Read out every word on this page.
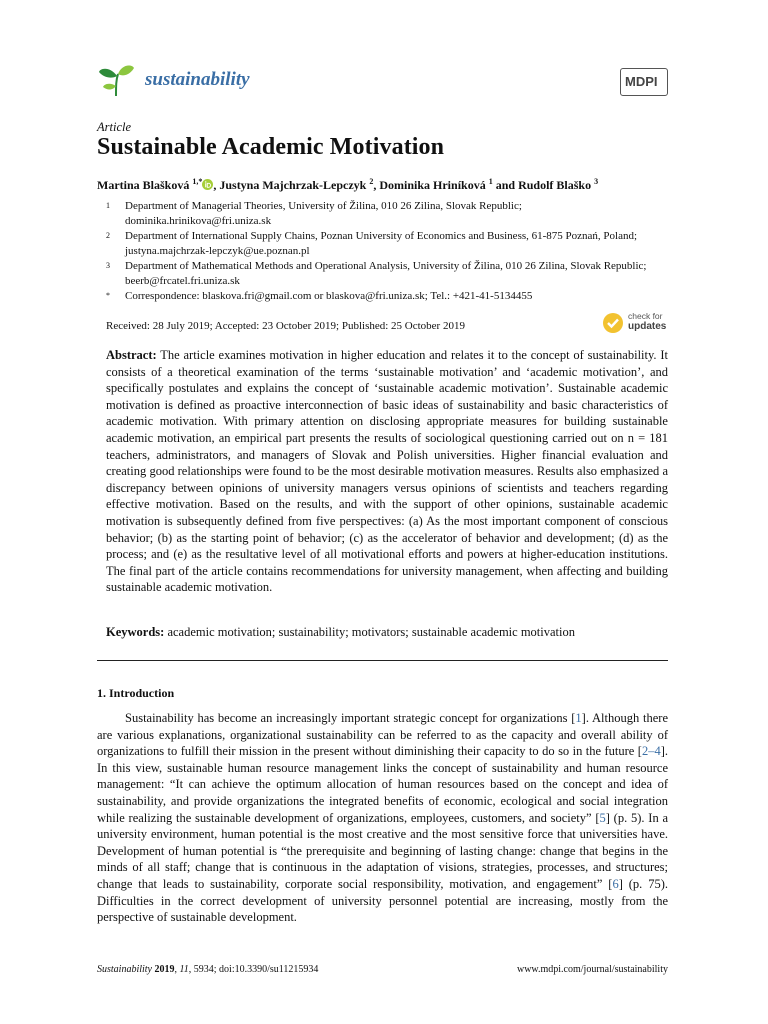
sustainability	MDPI
Article
Sustainable Academic Motivation
Martina Blašková $^{1,*}$ , Justyna Majchrzak-Lepczyk $^2$, Dominika Hriníková $^1$ and Rudolf Blaško $^3$
1 Department of Managerial Theories, University of Žilina, 010 26 Zilina, Slovak Republic; dominika.hrinikova@fri.uniza.sk
2 Department of International Supply Chains, Poznan University of Economics and Business, 61-875 Poznań, Poland; justyna.majchrzak-lepczyk@ue.poznan.pl
3 Department of Mathematical Methods and Operational Analysis, University of Žilina, 010 26 Zilina, Slovak Republic; beerb@frcatel.fri.uniza.sk
* Correspondence: blaskova.fri@gmail.com or blaskova@fri.uniza.sk; Tel.: +421-41-5134455
Received: 28 July 2019; Accepted: 23 October 2019; Published: 25 October 2019
check for
updates
Abstract: The article examines motivation in higher education and relates it to the concept of sustainability. It consists of a theoretical examination of the terms ‘sustainable motivation’ and ‘academic motivation’, and specifically postulates and explains the concept of ‘sustainable academic motivation’. Sustainable academic motivation is defined as proactive interconnection of basic ideas of sustainability and basic characteristics of academic motivation. With primary attention on disclosing appropriate measures for building sustainable academic motivation, an empirical part presents the results of sociological questioning carried out on n = 181 teachers, administrators, and managers of Slovak and Polish universities. Higher financial evaluation and creating good relationships were found to be the most desirable motivation measures. Results also emphasized a discrepancy between opinions of university managers versus opinions of scientists and teachers regarding effective motivation. Based on the results, and with the support of other opinions, sustainable academic motivation is subsequently defined from five perspectives: (a) As the most important component of conscious behavior; (b) as the starting point of behavior; (c) as the accelerator of behavior and development; (d) as the process; and (e) as the resultative level of all motivational efforts and powers at higher-education institutions. The final part of the article contains recommendations for university management, when affecting and building sustainable academic motivation.
Keywords: academic motivation; sustainability; motivators; sustainable academic motivation
1. Introduction
Sustainability has become an increasingly important strategic concept for organizations [1]. Although there are various explanations, organizational sustainability can be referred to as the capacity and overall ability of organizations to fulfill their mission in the present without diminishing their capacity to do so in the future [2–4]. In this view, sustainable human resource management links the concept of sustainability and human resource management: “It can achieve the optimum allocation of human resources based on the concept and idea of sustainability, and provide organizations the integrated benefits of economic, ecological and social integration while realizing the sustainable development of organizations, employees, customers, and society” [5] (p. 5). In a university environment, human potential is the most creative and the most sensitive force that universities have. Development of human potential is “the prerequisite and beginning of lasting change: change that begins in the minds of all staff; change that is continuous in the adaptation of visions, strategies, processes, and structures; change that leads to sustainability, corporate social responsibility, motivation, and engagement” [6] (p. 75). Difficulties in the correct development of university personnel potential are increasing, mostly from the perspective of sustainable development.
Sustainability 2019, 11, 5934; doi:10.3390/su11215934	www.mdpi.com/journal/sustainability
